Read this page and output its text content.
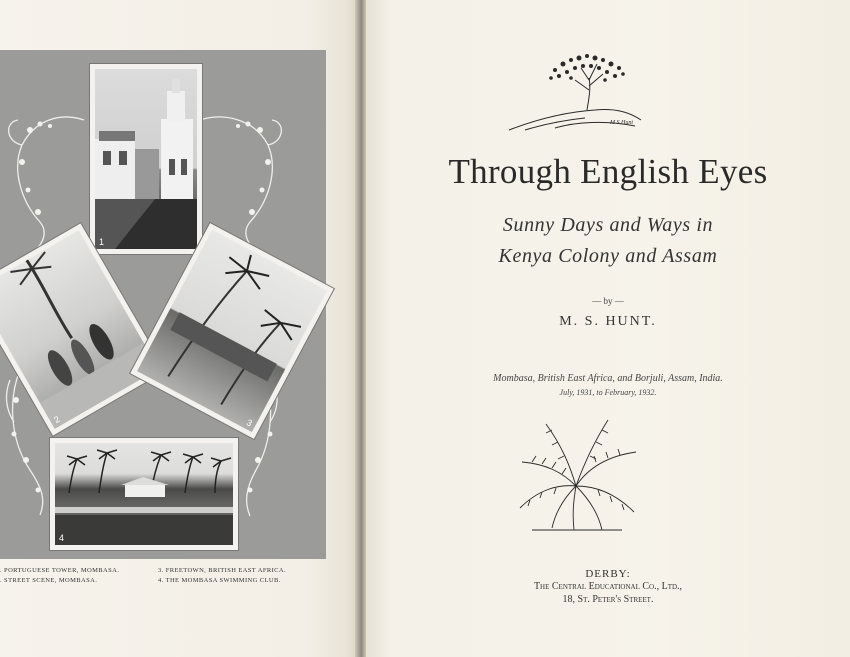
1
2	3
4
. PORTUGUESE TOWER, MOMBASA.
. STREET SCENE, MOMBASA.
3. FREETOWN, BRITISH EAST AFRICA.
4. THE MOMBASA SWIMMING CLUB.
M S Hunt
Through English Eyes
Sunny Days and Ways in
Kenya Colony and Assam
— by —
M. S. HUNT.
Mombasa, British East Africa, and Borjuli, Assam, India.
July, 1931, to February, 1932.
DERBY:
The Central Educational Co., Ltd.,
18, St. Peter's Street.
